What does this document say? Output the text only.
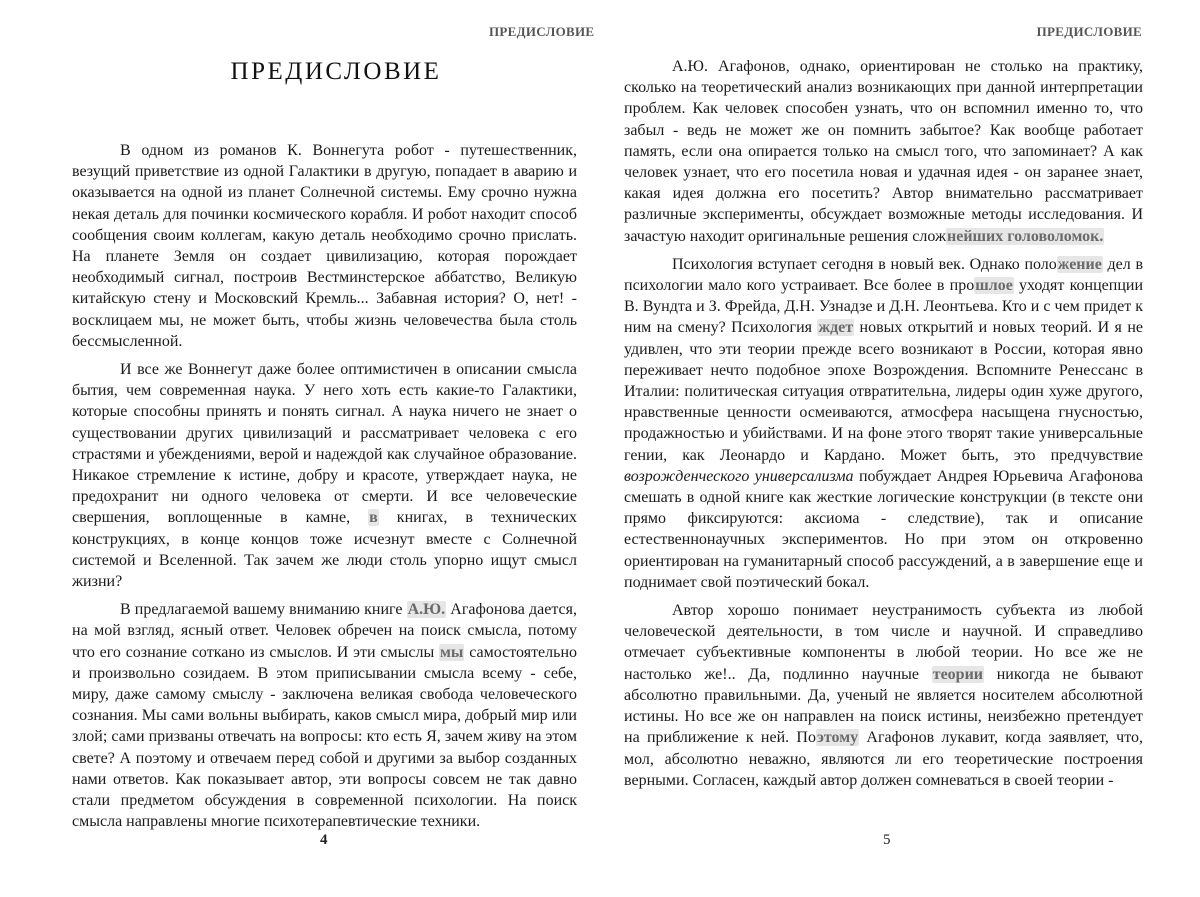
ПРЕДИСЛОВИЕ
ПРЕДИСЛОВИЕ

В одном из романов К. Воннегута робот - путешественник, везущий приветствие из одной Галактики в другую, попадает в аварию и оказывается на одной из планет Солнечной системы. Ему срочно нужна некая деталь для починки космического корабля. И робот находит способ сообщения своим коллегам, какую деталь необходимо срочно прислать. На планете Земля он создает цивилизацию, которая порождает необходимый сигнал, построив Вестминстерское аббатство, Великую китайскую стену и Московский Кремль... Забавная история? О, нет! - восклицаем мы, не может быть, чтобы жизнь человечества была столь бессмысленной.

И все же Воннегут даже более оптимистичен в описании смысла бытия, чем современная наука. У него хоть есть какие-то Галактики, которые способны принять и понять сигнал. А наука ничего не знает о существовании других цивилизаций и рассматривает человека с его страстями и убеждениями, верой и надеждой как случайное образование. Никакое стремление к истине, добру и красоте, утверждает наука, не предохранит ни одного человека от смерти. И все человеческие свершения, воплощенные в камне, в книгах, в технических конструкциях, в конце концов тоже исчезнут вместе с Солнечной системой и Вселенной. Так зачем же люди столь упорно ищут смысл жизни?

В предлагаемой вашему вниманию книге А.Ю. Агафонова дается, на мой взгляд, ясный ответ. Человек обречен на поиск смысла, потому что его сознание соткано из смыслов. И эти смыслы мы самостоятельно и произвольно созидаем. В этом приписывании смысла всему - себе, миру, даже самому смыслу - заключена великая свобода человеческого сознания. Мы сами вольны выбирать, каков смысл мира, добрый мир или злой; сами призваны отвечать на вопросы: кто есть Я, зачем живу на этом свете? А поэтому и отвечаем перед собой и другими за выбор созданных нами ответов. Как показывает автор, эти вопросы совсем не так давно стали предметом обсуждения в современной психологии. На поиск смысла направлены многие психотерапевтические техники.

4

ПРЕДИСЛОВИЕ

А.Ю. Агафонов, однако, ориентирован не столько на практику, сколько на теоретический анализ возникающих при данной интерпретации проблем. Как человек способен узнать, что он вспомнил именно то, что забыл - ведь не может же он помнить забытое? Как вообще работает память, если она опирается только на смысл того, что запоминает? А как человек узнает, что его посетила новая и удачная идея - он заранее знает, какая идея должна его посетить? Автор внимательно рассматривает различные эксперименты, обсуждает возможные методы исследования. И зачастую находит оригинальные решения сложнейших головоломок.

Психология вступает сегодня в новый век. Однако положение дел в психологии мало кого устраивает. Все более в прошлое уходят концепции В. Вундта и З. Фрейда, Д.Н. Узнадзе и Д.Н. Леонтьева. Кто и с чем придет к ним на смену? Психология ждет новых открытий и новых теорий. И я не удивлен, что эти теории прежде всего возникают в России, которая явно переживает нечто подобное эпохе Возрождения. Вспомните Ренессанс в Италии: политическая ситуация отвратительна, лидеры один хуже другого, нравственные ценности осмеиваются, атмосфера насыщена гнусностью, продажностью и убийствами. И на фоне этого творят такие универсальные гении, как Леонардо и Кардано. Может быть, это предчувствие возрожденческого универсализма побуждает Андрея Юрьевича Агафонова смешать в одной книге как жесткие логические конструкции (в тексте они прямо фиксируются: аксиома - следствие), так и описание естественнонаучных экспериментов. Но при этом он откровенно ориентирован на гуманитарный способ рассуждений, а в завершение еще и поднимает свой поэтический бокал.

Автор хорошо понимает неустранимость субъекта из любой человеческой деятельности, в том числе и научной. И справедливо отмечает субъективные компоненты в любой теории. Но все же не настолько же!.. Да, подлинно научные теории никогда не бывают абсолютно правильными. Да, ученый не является носителем абсолютной истины. Но все же он направлен на поиск истины, неизбежно претендует на приближение к ней. Поэтому Агафонов лукавит, когда заявляет, что, мол, абсолютно неважно, являются ли его теоретические построения верными. Согласен, каждый автор должен сомневаться в своей теории -

5
